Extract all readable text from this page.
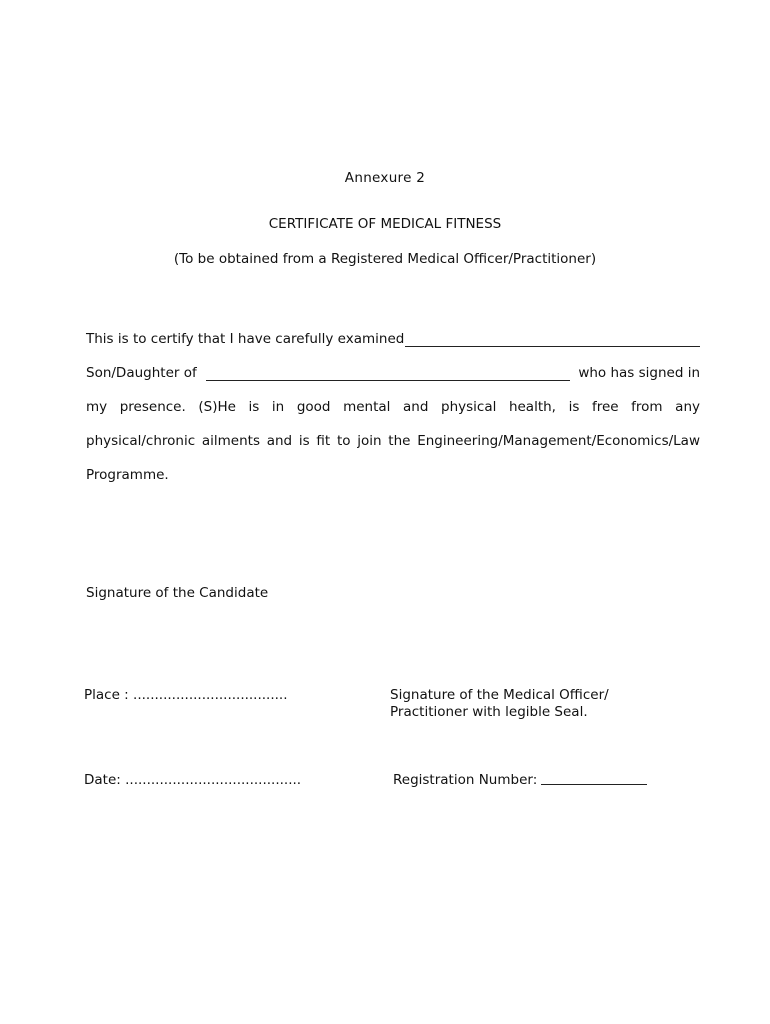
Annexure 2
CERTIFICATE OF MEDICAL FITNESS
(To be obtained from a Registered Medical Officer/Practitioner)
This is to certify that I have carefully examined
Son/Daughter of	who has signed in
my presence. (S)He is in good mental and physical health, is free from any
physical/chronic ailments and is fit to join the Engineering/Management/Economics/Law
Programme.
Signature of the Candidate
Place : ....................................	Signature of the Medical Officer/
Practitioner with legible Seal.
Date: .........................................	Registration Number:
